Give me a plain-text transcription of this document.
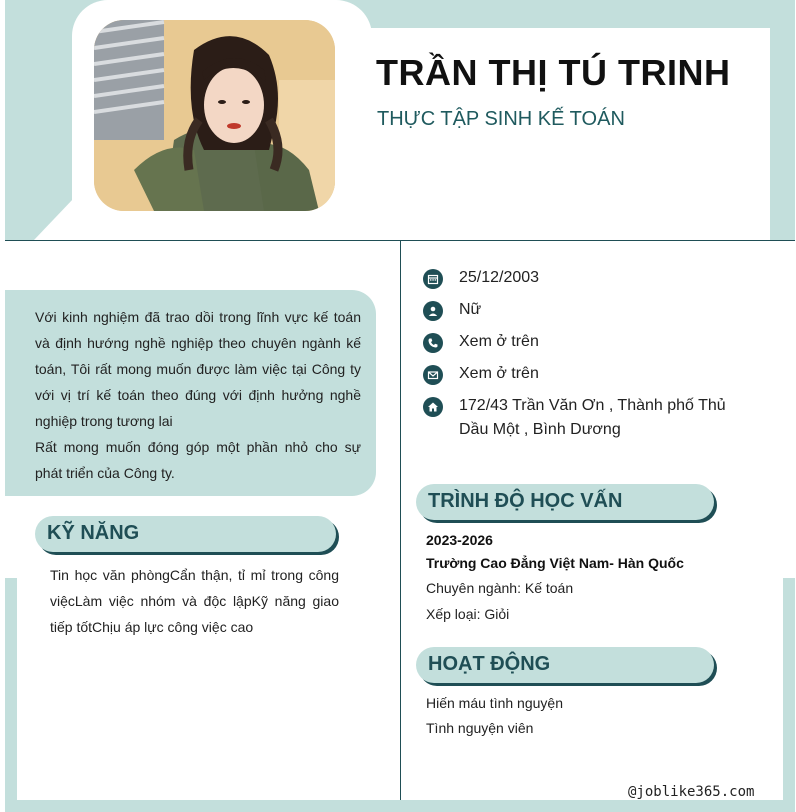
TRẦN THỊ TÚ TRINH
THỰC TẬP SINH KẾ TOÁN

Với kinh nghiệm đã trao dồi trong lĩnh vực kế toán và định hướng nghề nghiệp theo chuyên ngành kế toán, Tôi rất mong muốn được làm việc tại Công ty với vị trí kế toán theo đúng với định hưởng nghề nghiệp trong tương lai

Rất mong muốn đóng góp một phần nhỏ cho sự phát triển của Công ty.

KỸ NĂNG
Tin học văn phòngCẩn thận, tỉ mỉ trong công việcLàm việc nhóm và độc lậpKỹ năng giao tiếp tốtChịu áp lực công việc cao
25/12/2003
Nữ
Xem ở trên
Xem ở trên
172/43 Trần Văn Ơn , Thành phố Thủ Dầu Một , Bình Dương
TRÌNH ĐỘ HỌC VẤN
2023-2026
Trường Cao Đẳng Việt Nam- Hàn Quốc
Chuyên ngành: Kế toán
Xếp loại: Giỏi
HOẠT ĐỘNG
Hiến máu tình nguyện
Tình nguyện viên
@joblike365.com
